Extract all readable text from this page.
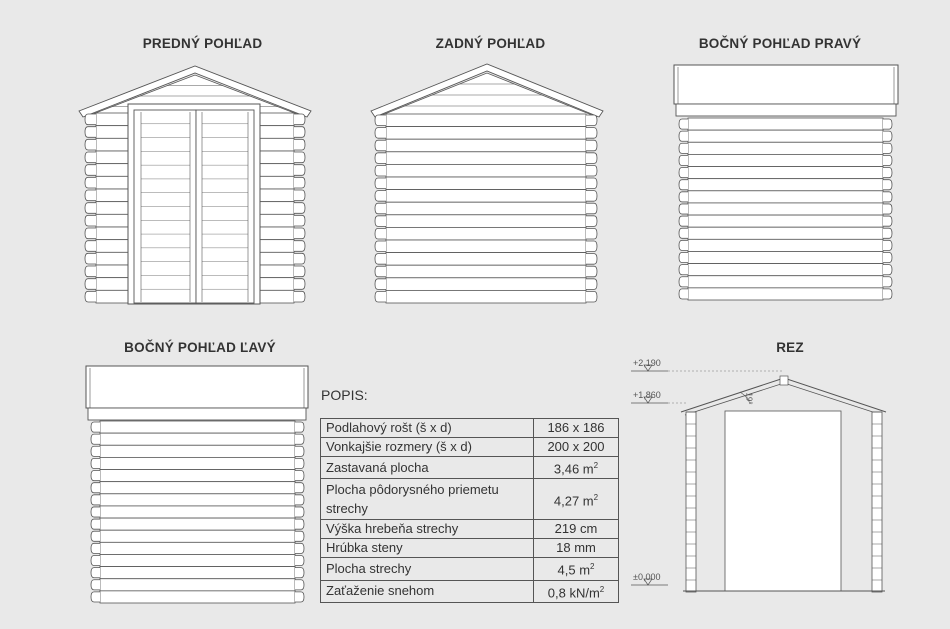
PREDNÝ POHĽAD	ZADNÝ POHĽAD	BOČNÝ POHĽAD PRAVÝ
BOČNÝ POHĽAD ĽAVÝ	REZ
POPIS:
Podlahový rošt (š x d)	186 x 186
Vonkajšie rozmery (š x d)	200 x 200
Zastavaná plocha	3,46 $m^2$
Plocha pôdorysného priemetu strechy	4,27 $m^2$
Výška hrebeňa strechy	219 cm
Hrúbka steny	18 mm
Plocha strechy	4,5 $m^2$
Zaťaženie snehom	0,8 $kN/m^2$
+2,190
+1,860
±0,000
19°
